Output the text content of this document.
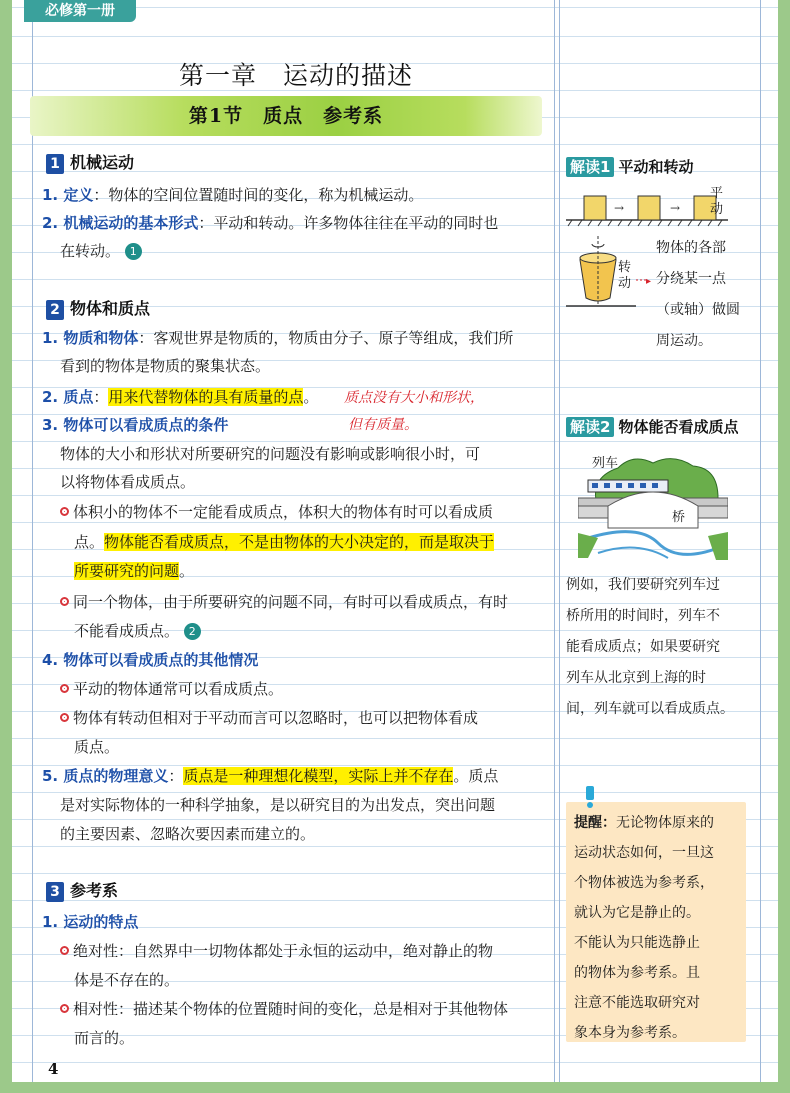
必修第一册
第一章　运动的描述
第1节　质点　参考系
1 机械运动
1. 定义：物体的空间位置随时间的变化，称为机械运动。
2. 机械运动的基本形式：平动和转动。许多物体往往在平动的同时也
在转动。 1
2 物体和质点
1. 物质和物体：客观世界是物质的，物质由分子、原子等组成，我们所
看到的物体是物质的聚集状态。
2. 质点：用来代替物体的具有质量的点。 质点没有大小和形状，
但有质量。
3. 物体可以看成质点的条件
物体的大小和形状对所要研究的问题没有影响或影响很小时，可
以将物体看成质点。
体积小的物体不一定能看成质点，体积大的物体有时可以看成质
点。物体能否看成质点，不是由物体的大小决定的，而是取决于
所要研究的问题。
同一个物体，由于所要研究的问题不同，有时可以看成质点，有时
不能看成质点。 2
4. 物体可以看成质点的其他情况
平动的物体通常可以看成质点。
物体有转动但相对于平动而言可以忽略时，也可以把物体看成
质点。
5. 质点的物理意义：质点是一种理想化模型，实际上并不存在。质点
是对实际物体的一种科学抽象，是以研究目的为出发点，突出问题
的主要因素、忽略次要因素而建立的。
3 参考系
1. 运动的特点
绝对性：自然界中一切物体都处于永恒的运动中，绝对静止的物
体是不存在的。
相对性：描述某个物体的位置随时间的变化，总是相对于其他物体
而言的。
解读1 平动和转动
→	→
▸
平动
转动
物体的各部
分绕某一点
（或轴）做圆
周运动。
解读2 物体能否看成质点
列车
桥
例如，我们要研究列车过
桥所用的时间时，列车不
能看成质点；如果要研究
列车从北京到上海的时
间，列车就可以看成质点。
提醒：无论物体原来的
运动状态如何，一旦这
个物体被选为参考系，
就认为它是静止的。
不能认为只能选静止
的物体为参考系。且
注意不能选取研究对
象本身为参考系。
4
